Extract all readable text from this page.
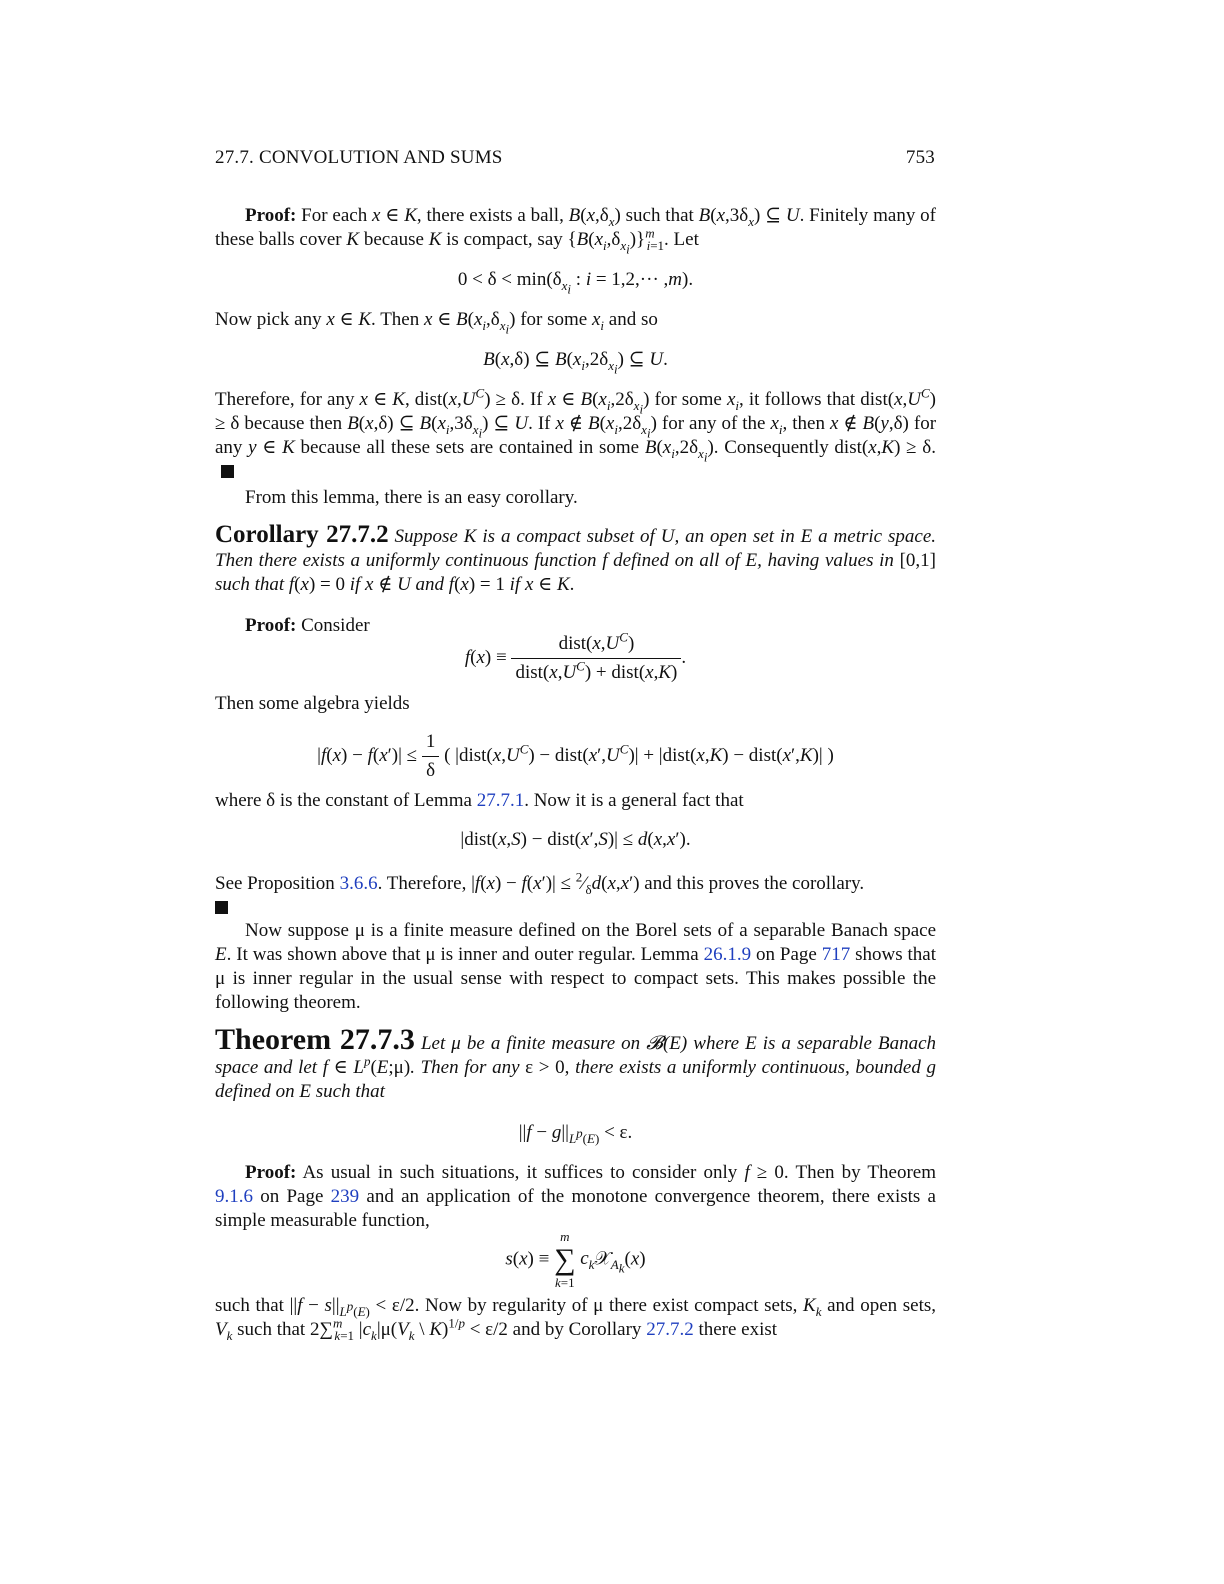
27.7. CONVOLUTION AND SUMS	753
Proof: For each x ∈ K, there exists a ball, $B(x,\delta_x)$ such that $B(x,3\delta_x)$ ⊆ U. Finitely many of these balls cover K because K is compact, say $\{B(x_i,\delta_{x_i})\}^m_{i=1}$. Let
$0 < \delta < \min(\delta_{x_i}$ : i = 1,2,··· ,m).
Now pick any x ∈ K. Then x ∈ $B(x_i,\delta_{x_i})$ for some $x_i$ and so
B(x,δ) ⊆ $B(x_i,2\delta_{x_i})$ ⊆ U.
Therefore, for any x ∈ K, $dist(x,U^C) \ge \delta$. If x ∈ $B(x_i,2\delta_{x_i})$ for some $x_i$, it follows that $dist(x,U^C) \ge \delta$ because then B(x,δ) ⊆ $B(x_i,3\delta_{x_i})$ ⊆ U. If x ∉ $B(x_i,2\delta_{x_i})$ for any of the $x_i$, then x ∉ B(y,δ) for any y ∈ K because all these sets are contained in some $B(x_i,2\delta_{x_i})$. Consequently dist(x,K) ≥ δ.
From this lemma, there is an easy corollary.
Corollary 27.7.2 Suppose K is a compact subset of U, an open set in E a metric space. Then there exists a uniformly continuous function f defined on all of E, having values in [0,1] such that f(x) = 0 if x ∉ U and f(x) = 1 if x ∈ K.
Proof: Consider
$f(x) \equiv \frac{dist(x,U^C)}{dist(x,U^C) + dist(x,K)}$ .
Then some algebra yields
$|f(x) - f(x')| \le \frac{1}{\delta}$ ( $|dist(x,U^C)$ − $dist(x',U^C)|$ + |dist(x,K) − dist(x′,K)| )
where δ is the constant of Lemma 27.7.1. Now it is a general fact that
|dist(x,S) − dist(x′,S)| ≤ d(x,x′).
See Proposition 3.6.6. Therefore, $|f(x) - f(x')| \le ^2⁄_\delta d(x,x')$ and this proves the corollary.

Now suppose μ is a finite measure defined on the Borel sets of a separable Banach space E. It was shown above that μ is inner and outer regular. Lemma 26.1.9 on Page 717 shows that μ is inner regular in the usual sense with respect to compact sets. This makes possible the following theorem.
Theorem 27.7.3 Let μ be a finite measure on 𝓑(E) where E is a separable Banach space and let f ∈ $L^p(E;\mu)$. Then for any ε > 0, there exists a uniformly continuous, bounded g defined on E such that
$||f - g||_{L^p(E)} < \varepsilon$.
Proof: As usual in such situations, it suffices to consider only f ≥ 0. Then by Theorem 9.1.6 on Page 239 and an application of the monotone convergence theorem, there exists a simple measurable function,
s(x) ≡
m
∑
k=1
$c_k𝒳_{A_k}(x)$
such that $||f - s||_{L^p(E)} < \varepsilon/2$. Now by regularity of μ there exist compact sets, $K_k$ and open sets, $V_k$ such that 2∑$^m_{k=1}$ $|c_k|\mu(V_k$ \ K)$^{1/p}$ < ε/2 and by Corollary 27.7.2 there exist
